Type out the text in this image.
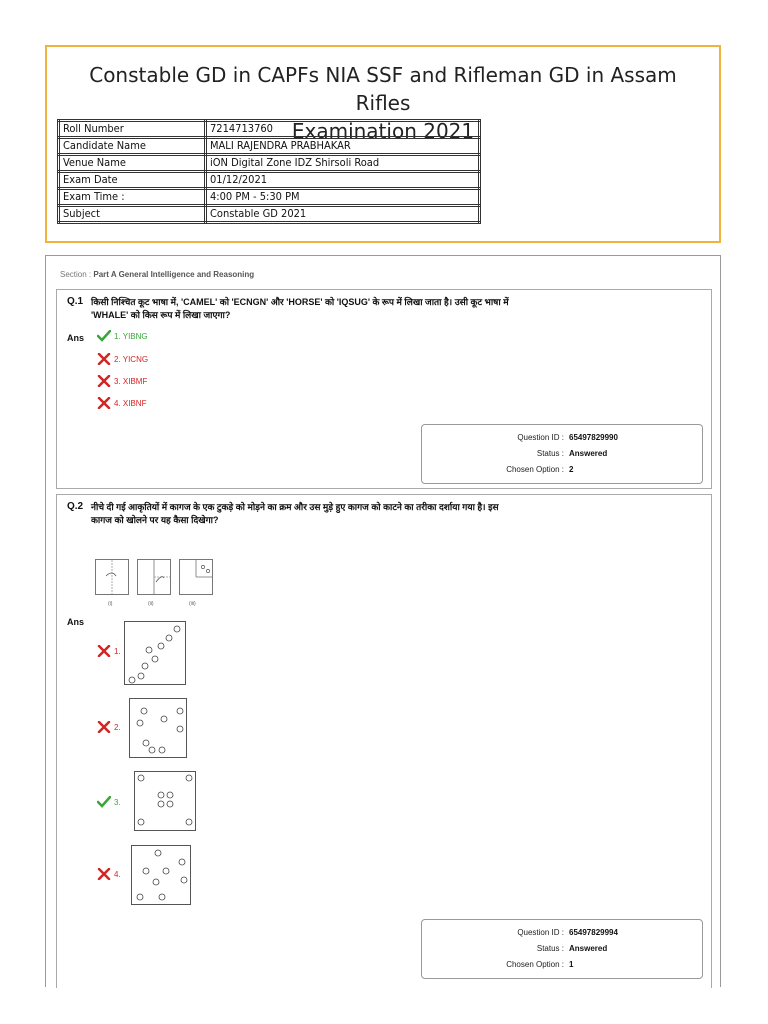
Constable GD in CAPFs NIA SSF and Rifleman GD in Assam Rifles
Examination 2021
Roll Number	7214713760
Candidate Name	MALI RAJENDRA PRABHAKAR
Venue Name	iON Digital Zone IDZ Shirsoli Road
Exam Date	01/12/2021
Exam Time :	4:00 PM - 5:30 PM
Subject	Constable GD 2021
Section : Part A General Intelligence and Reasoning
Q.1 किसी निश्चित कूट भाषा में, 'CAMEL' को 'ECNGN' और 'HORSE' को 'IQSUG' के रूप में लिखा जाता है। उसी कूट भाषा में 'WHALE' को किस रूप में लिखा जाएगा?
Ans	1. YIBNG
2. YICNG
3. XIBMF
4. XIBNF
Question ID : 65497829990
Status : Answered
Chosen Option : 2
Q.2 नीचे दी गई आकृतियों में कागज के एक टुकड़े को मोड़ने का क्रम और उस मुड़े हुए कागज को काटने का तरीका दर्शाया गया है। इस कागज को खोलने पर यह कैसा दिखेगा?
(i)	(ii)	(iii)
Ans
1.
2.
3.
4.
Question ID : 65497829994
Status : Answered
Chosen Option : 1
